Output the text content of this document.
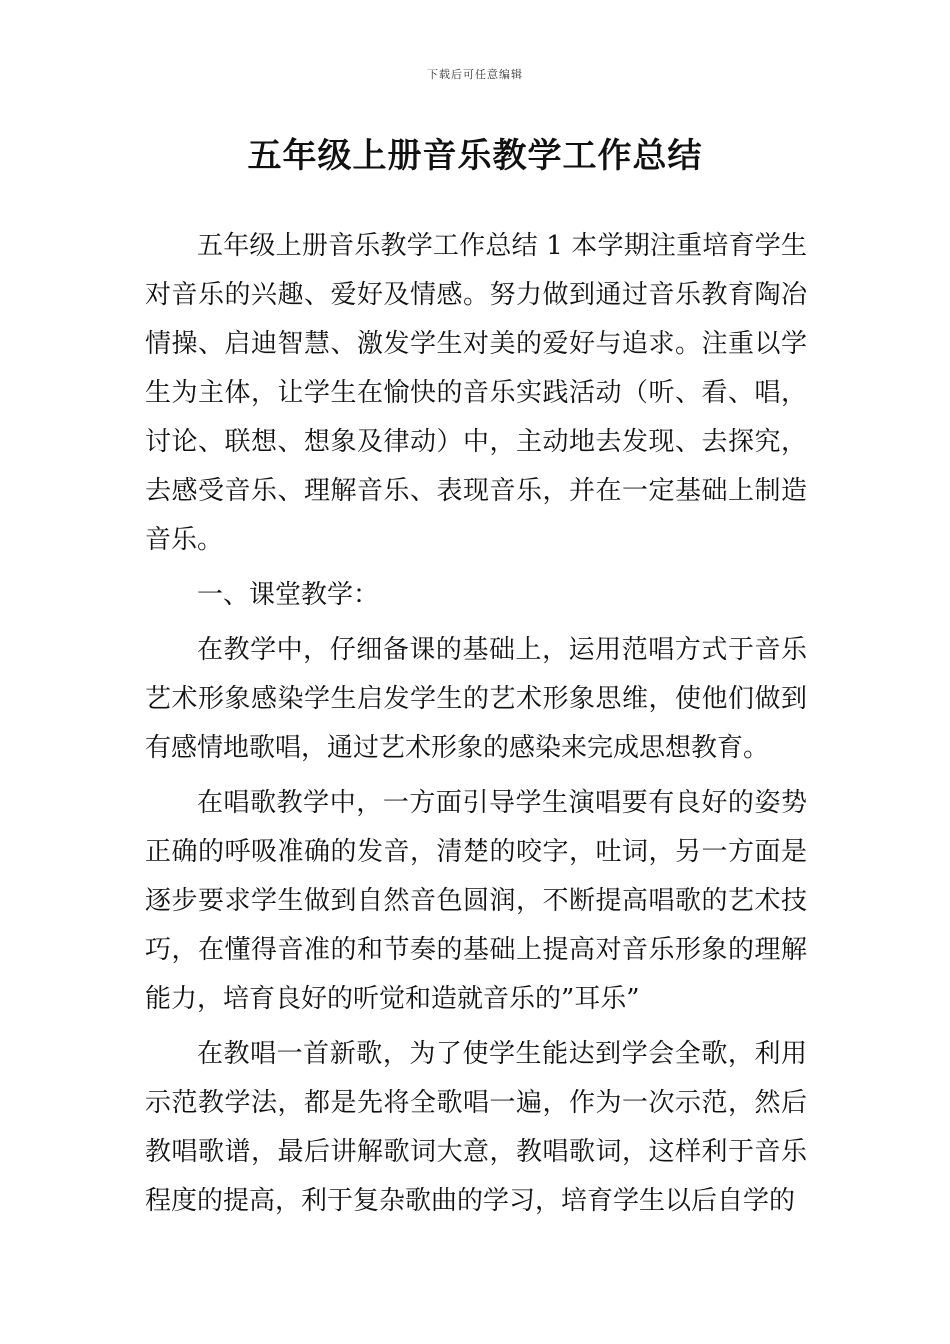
下载后可任意编辑
五年级上册音乐教学工作总结

五年级上册音乐教学工作总结 1 本学期注重培育学生对音乐的兴趣、爱好及情感。努力做到通过音乐教育陶冶情操、启迪智慧、激发学生对美的爱好与追求。注重以学生为主体，让学生在愉快的音乐实践活动（听、看、唱，讨论、联想、想象及律动）中，主动地去发现、去探究，去感受音乐、理解音乐、表现音乐，并在一定基础上制造音乐。

一、课堂教学：

在教学中，仔细备课的基础上，运用范唱方式于音乐艺术形象感染学生启发学生的艺术形象思维，使他们做到有感情地歌唱，通过艺术形象的感染来完成思想教育。

在唱歌教学中，一方面引导学生演唱要有良好的姿势正确的呼吸准确的发音，清楚的咬字，吐词，另一方面是逐步要求学生做到自然音色圆润，不断提高唱歌的艺术技巧，在懂得音准的和节奏的基础上提高对音乐形象的理解能力，培育良好的听觉和造就音乐的”耳乐”

在教唱一首新歌，为了使学生能达到学会全歌，利用示范教学法，都是先将全歌唱一遍，作为一次示范，然后教唱歌谱，最后讲解歌词大意，教唱歌词，这样利于音乐程度的提高，利于复杂歌曲的学习，培育学生以后自学的
